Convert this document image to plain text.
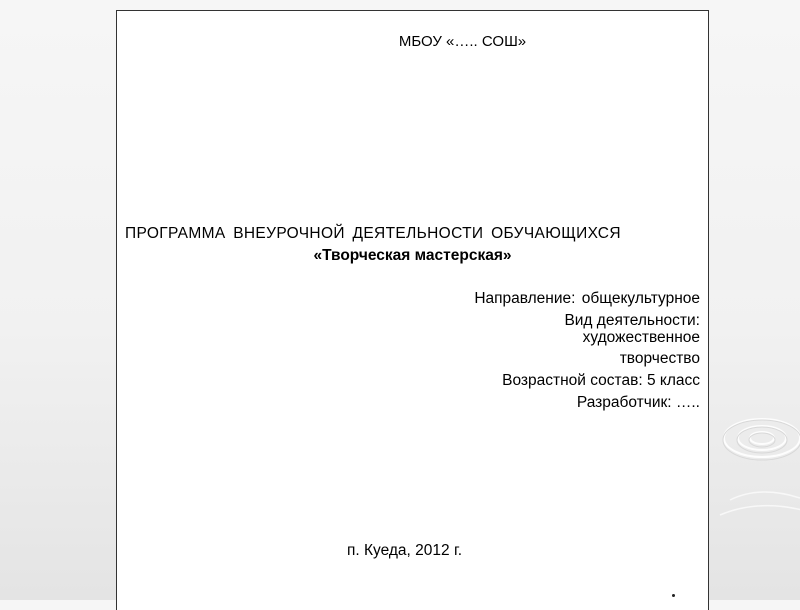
МБОУ «….. СОШ»
ПРОГРАММА ВНЕУРОЧНОЙ ДЕЯТЕЛЬНОСТИ ОБУЧАЮЩИХСЯ
«Творческая мастерская»
Направление: общекультурное
Вид деятельности:
художественное
творчество
Возрастной состав: 5 класс
Разработчик: …..
п. Куеда, 2012 г.
